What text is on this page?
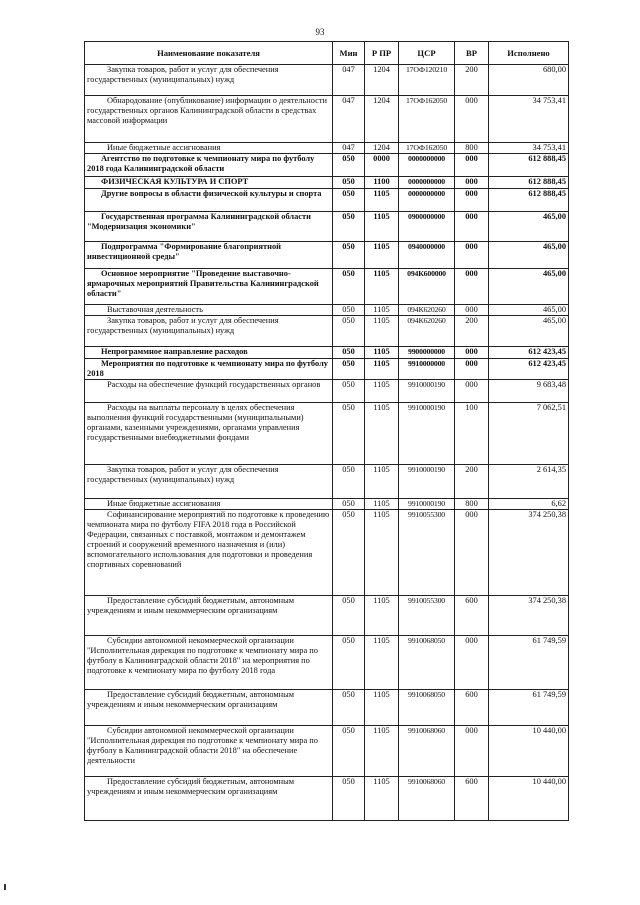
93
Наименование показателя	Мин	Р ПР	ЦСР	ВР	Исполнено
Закупка товаров, работ и услуг для обеспечения государственных (муниципальных) нужд	047	1204	17ОФ120210	200	680,00
Обнародование (опубликование) информации о деятельности государственных органов Калининградской области в средствах массовой информации	047	1204	17ОФ162050	000	34 753,41
Иные бюджетные ассигнования	047	1204	17ОФ162050	800	34 753,41
Агентство по подготовке к чемпионату мира по футболу 2018 года Калининградской области	050	0000	0000000000	000	612 888,45
ФИЗИЧЕСКАЯ КУЛЬТУРА И СПОРТ	050	1100	0000000000	000	612 888,45
Другие вопросы в области физической культуры и спорта	050	1105	0000000000	000	612 888,45
Государственная программа Калининградской области "Модернизация экономики"	050	1105	0900000000	000	465,00
Подпрограмма "Формирование благоприятной инвестиционной среды"	050	1105	0940000000	000	465,00
Основное мероприятие "Проведение выставочно-ярмарочных мероприятий Правительства Калининградской области"	050	1105	094К600000	000	465,00
Выставочная деятельность	050	1105	094К620260	000	465,00
Закупка товаров, работ и услуг для обеспечения государственных (муниципальных) нужд	050	1105	094К620260	200	465,00
Непрограммное направление расходов	050	1105	9900000000	000	612 423,45
Мероприятия по подготовке к чемпионату мира по футболу 2018	050	1105	9910000000	000	612 423,45
Расходы на обеспечение функций государственных органов	050	1105	9910000190	000	9 683,48
Расходы на выплаты персоналу в целях обеспечения выполнения функций государственными (муниципальными) органами, казенными учреждениями, органами управления государственными внебюджетными фондами	050	1105	9910000190	100	7 062,51
Закупка товаров, работ и услуг для обеспечения государственных (муниципальных) нужд	050	1105	9910000190	200	2 614,35
Иные бюджетные ассигнования	050	1105	9910000190	800	6,62
Софинансирование мероприятий по подготовке к проведению чемпионата мира по футболу FIFA 2018 года в Российской Федерации, связанных с поставкой, монтажом и демонтажем строений и сооружений временного назначения и (или) вспомогательного использования для подготовки и проведения спортивных соревнований	050	1105	9910055300	000	374 250,38
Предоставление субсидий бюджетным, автономным учреждениям и иным некоммерческим организациям	050	1105	9910055300	600	374 250,38
Субсидии автономной некоммерческой организации "Исполнительная дирекция по подготовке к чемпионату мира по футболу в Калининградской области 2018" на мероприятия по подготовке к чемпионату мира по футболу 2018 года	050	1105	9910068050	000	61 749,59
Предоставление субсидий бюджетным, автономным учреждениям и иным некоммерческим организациям	050	1105	9910068050	600	61 749,59
Субсидии автономной некоммерческой организации "Исполнительная дирекция по подготовке к чемпионату мира по футболу в Калининградской области 2018" на обеспечение деятельности	050	1105	9910068060	000	10 440,00
Предоставление субсидий бюджетным, автономным учреждениям и иным некоммерческим организациям	050	1105	9910068060	600	10 440,00
